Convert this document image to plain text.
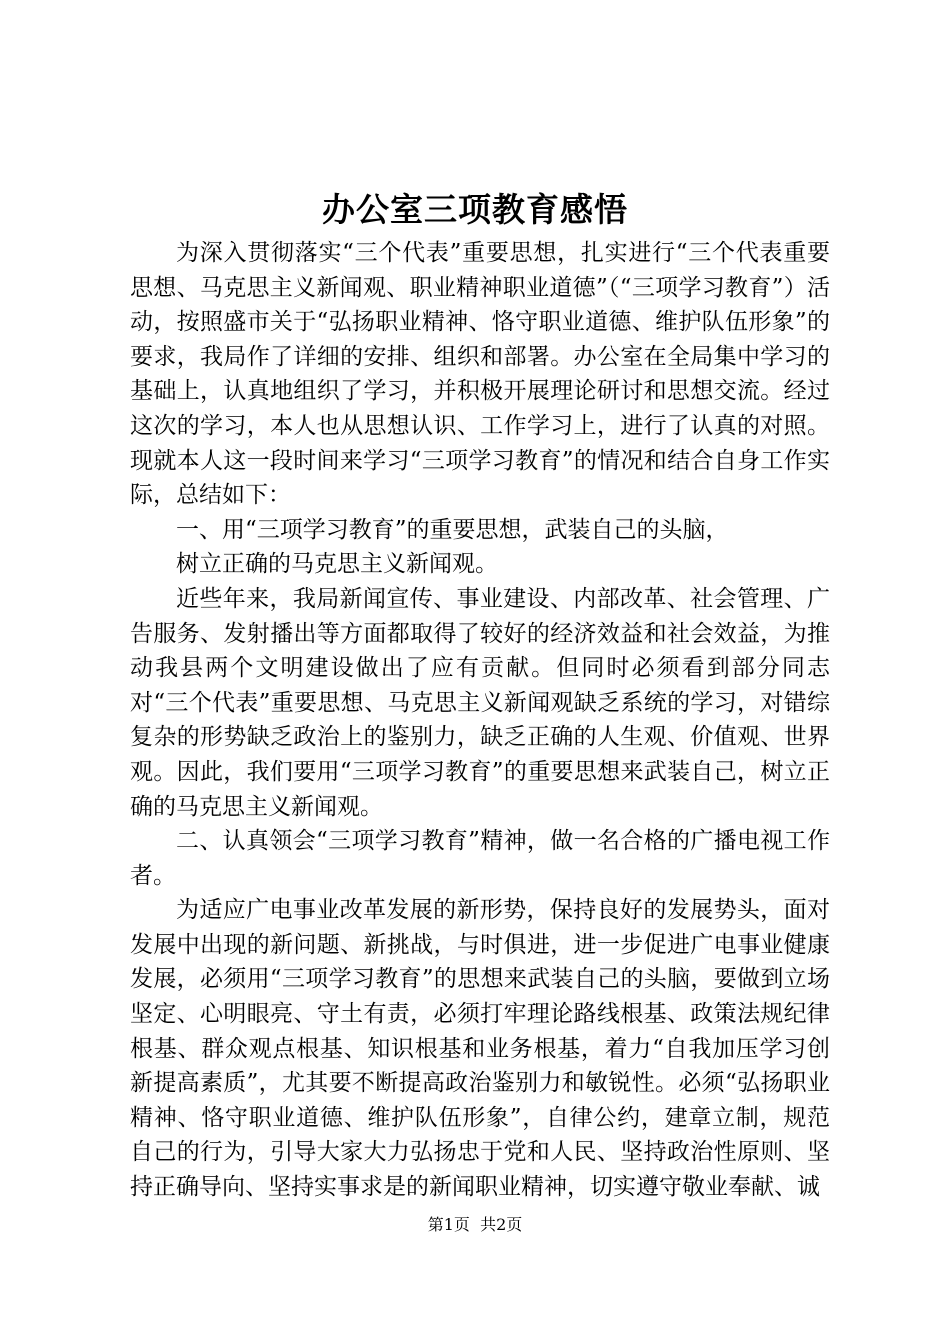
办公室三项教育感悟

为深入贯彻落实“三个代表”重要思想，扎实进行“三个代表重要思想、马克思主义新闻观、职业精神职业道德”（“三项学习教育”）活动，按照盛市关于“弘扬职业精神、恪守职业道德、维护队伍形象”的要求，我局作了详细的安排、组织和部署。办公室在全局集中学习的基础上，认真地组织了学习，并积极开展理论研讨和思想交流。经过这次的学习，本人也从思想认识、工作学习上，进行了认真的对照。现就本人这一段时间来学习“三项学习教育”的情况和结合自身工作实际，总结如下：

一、用“三项学习教育”的重要思想，武装自己的头脑，

树立正确的马克思主义新闻观。

近些年来，我局新闻宣传、事业建设、内部改革、社会管理、广告服务、发射播出等方面都取得了较好的经济效益和社会效益，为推动我县两个文明建设做出了应有贡献。但同时必须看到部分同志对“三个代表”重要思想、马克思主义新闻观缺乏系统的学习，对错综复杂的形势缺乏政治上的鉴别力，缺乏正确的人生观、价值观、世界观。因此，我们要用“三项学习教育”的重要思想来武装自己，树立正确的马克思主义新闻观。

二、认真领会“三项学习教育”精神，做一名合格的广播电视工作者。

为适应广电事业改革发展的新形势，保持良好的发展势头，面对发展中出现的新问题、新挑战，与时俱进，进一步促进广电事业健康发展，必须用“三项学习教育”的思想来武装自己的头脑，要做到立场坚定、心明眼亮、守土有责，必须打牢理论路线根基、政策法规纪律根基、群众观点根基、知识根基和业务根基，着力“自我加压学习创新提高素质”，尤其要不断提高政治鉴别力和敏锐性。必须“弘扬职业精神、恪守职业道德、维护队伍形象”，自律公约，建章立制，规范自己的行为，引导大家大力弘扬忠于党和人民、坚持政治性原则、坚持正确导向、坚持实事求是的新闻职业精神，切实遵守敬业奉献、诚

第1页  共2页
